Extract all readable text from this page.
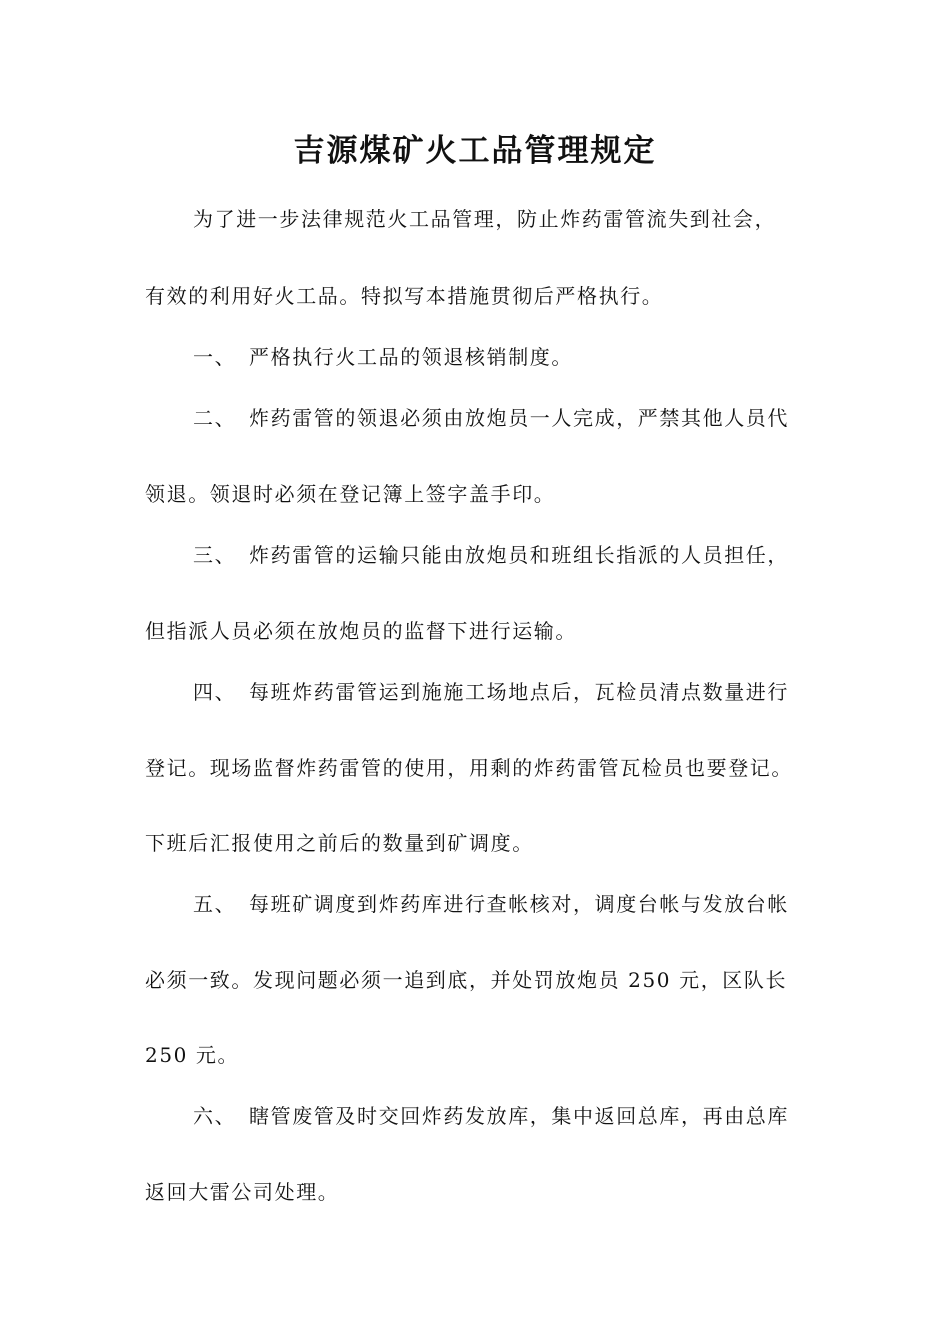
吉源煤矿火工品管理规定
为了进一步法律规范火工品管理，防止炸药雷管流失到社会，
有效的利用好火工品。特拟写本措施贯彻后严格执行。
一、 严格执行火工品的领退核销制度。
二、 炸药雷管的领退必须由放炮员一人完成，严禁其他人员代
领退。领退时必须在登记簿上签字盖手印。
三、 炸药雷管的运输只能由放炮员和班组长指派的人员担任，
但指派人员必须在放炮员的监督下进行运输。
四、 每班炸药雷管运到施施工场地点后，瓦检员清点数量进行
登记。现场监督炸药雷管的使用，用剩的炸药雷管瓦检员也要登记。
下班后汇报使用之前后的数量到矿调度。
五、 每班矿调度到炸药库进行查帐核对，调度台帐与发放台帐
必须一致。发现问题必须一追到底，并处罚放炮员 250 元，区队长
250 元。
六、 瞎管废管及时交回炸药发放库，集中返回总库，再由总库
返回大雷公司处理。
